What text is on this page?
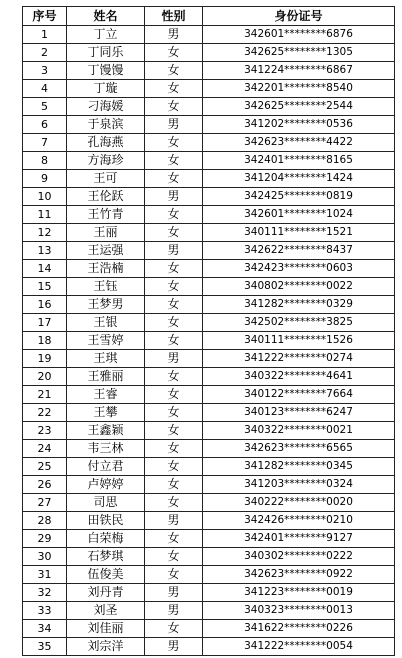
序号	姓名	性别	身份证号
1	丁立	男	342601********6876
2	丁同乐	女	342625********1305
3	丁馒馒	女	341224********6867
4	丁璇	女	342201********8540
5	刁海媛	女	342625********2544
6	于泉滨	男	341202********0536
7	孔海燕	女	342623********4422
8	方海珍	女	342401********8165
9	王可	女	341204********1424
10	王伦跃	男	342425********0819
11	王竹青	女	342601********1024
12	王丽	女	340111********1521
13	王运强	男	342622********8437
14	王浩楠	女	342423********0603
15	王钰	女	340802********0022
16	王梦男	女	341282********0329
17	王银	女	342502********3825
18	王雪婷	女	340111********1526
19	王琪	男	341222********0274
20	王雅丽	女	340322********4641
21	王睿	女	340122********7664
22	王攀	女	340123********6247
23	王鑫颖	女	340322********0021
24	韦三林	女	342623********6565
25	付立君	女	341282********0345
26	卢婷婷	女	341203********0324
27	司思	女	340222********0020
28	田铁民	男	342426********0210
29	白荣梅	女	342401********9127
30	石梦琪	女	340302********0222
31	伍俊美	女	342623********0922
32	刘丹青	男	341223********0019
33	刘圣	男	340323********0013
34	刘佳丽	女	341622********0226
35	刘宗洋	男	341222********0054
